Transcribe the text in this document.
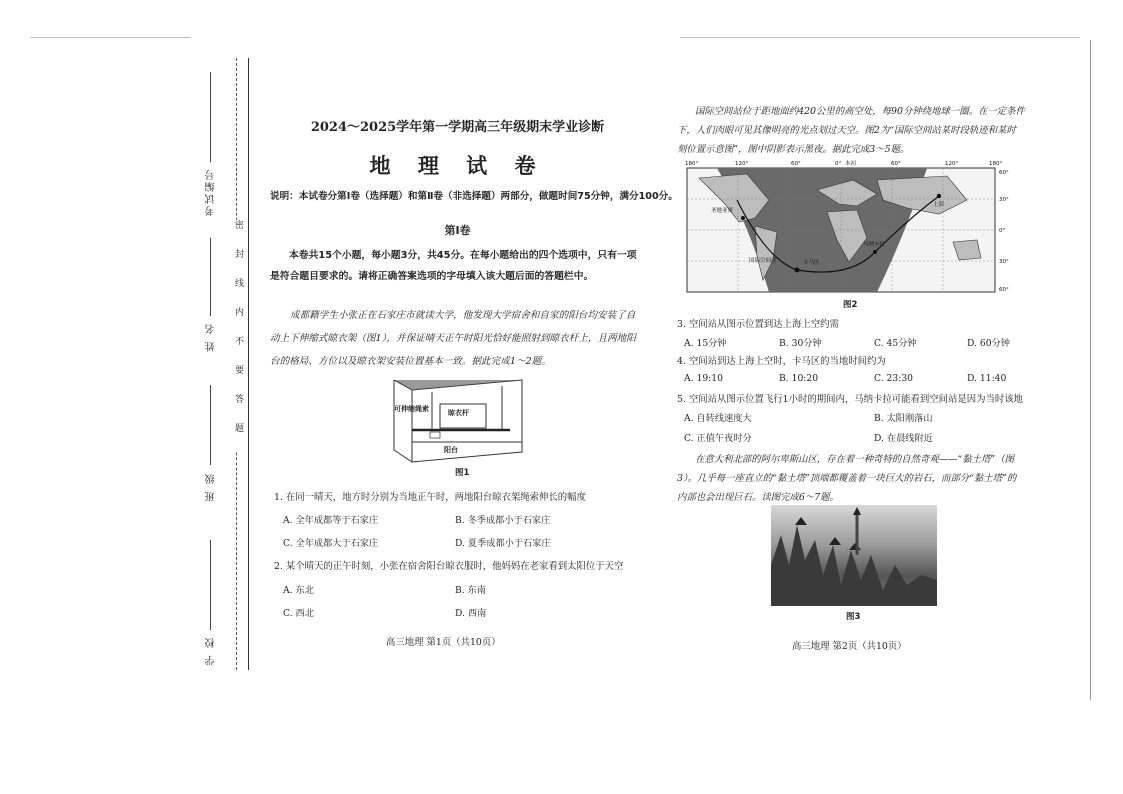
考试编号
姓 名
班 级
学 校
密封线内不要答题
2024～2025学年第一学期高三年级期末学业诊断
地 理 试 卷
说明：本试卷分第Ⅰ卷（选择题）和第Ⅱ卷（非选择题）两部分，做题时间75分钟，满分100分。
第Ⅰ卷
本卷共15个小题，每小题3分，共45分。在每小题给出的四个选项中，只有一项是符合题目要求的。请将正确答案选项的字母填入该大题后面的答题栏中。
成都籍学生小张正在石家庄市就读大学，他发现大学宿舍和自家的阳台均安装了自动上下伸缩式晾衣架（图1），并保证晴天正午时阳光恰好能照射到晾衣杆上，且两地阳台的格局、方位以及晾衣架安装位置基本一致。据此完成1～2题。
可伸缩绳索	晾衣杆
阳台
图1
1. 在同一晴天，地方时分别为当地正午时，两地阳台晾衣架绳索伸长的幅度
A. 全年成都等于石家庄	B. 冬季成都小于石家庄
C. 全年成都大于石家庄	D. 夏季成都小于石家庄
2. 某个晴天的正午时刻，小张在宿舍阳台晾衣服时，他妈妈在老家看到太阳位于天空
A. 东北	B. 东南
C. 西北	D. 西南
高三地理 第1页（共10页）
国际空间站位于距地面约420公里的高空处，每90分钟绕地球一圈。在一定条件下，人们肉眼可见其像明亮的光点划过天空。图2为“国际空间站某时段轨迹和某时刻位置示意图”，图中阴影表示黑夜。据此完成3～5题。
180°	120°	60°	0° 本初	60°	120°	180°
60°
30°
0°
30°
60°
圣地亚哥
国际空间站	卡马区
马纳卡拉
上海
图2
3. 空间站从图示位置到达上海上空约需
A. 15分钟	B. 30分钟	C. 45分钟	D. 60分钟
4. 空间站到达上海上空时，卡马区的当地时间约为
A. 19:10	B. 10:20	C. 23:30	D. 11:40
5. 空间站从图示位置飞行1小时的期间内，马纳卡拉可能看到空间站是因为当时该地
A. 自转线速度大	B. 太阳刚落山
C. 正值午夜时分	D. 在晨线附近
在意大利北部的阿尔卑斯山区，存在着一种奇特的自然奇观——“黏土塔”（图3）。几乎每一座直立的“黏土塔”顶端都覆盖着一块巨大的岩石，而部分“黏土塔”的内部也会出现巨石。读图完成6～7题。
图3
高三地理 第2页（共10页）
